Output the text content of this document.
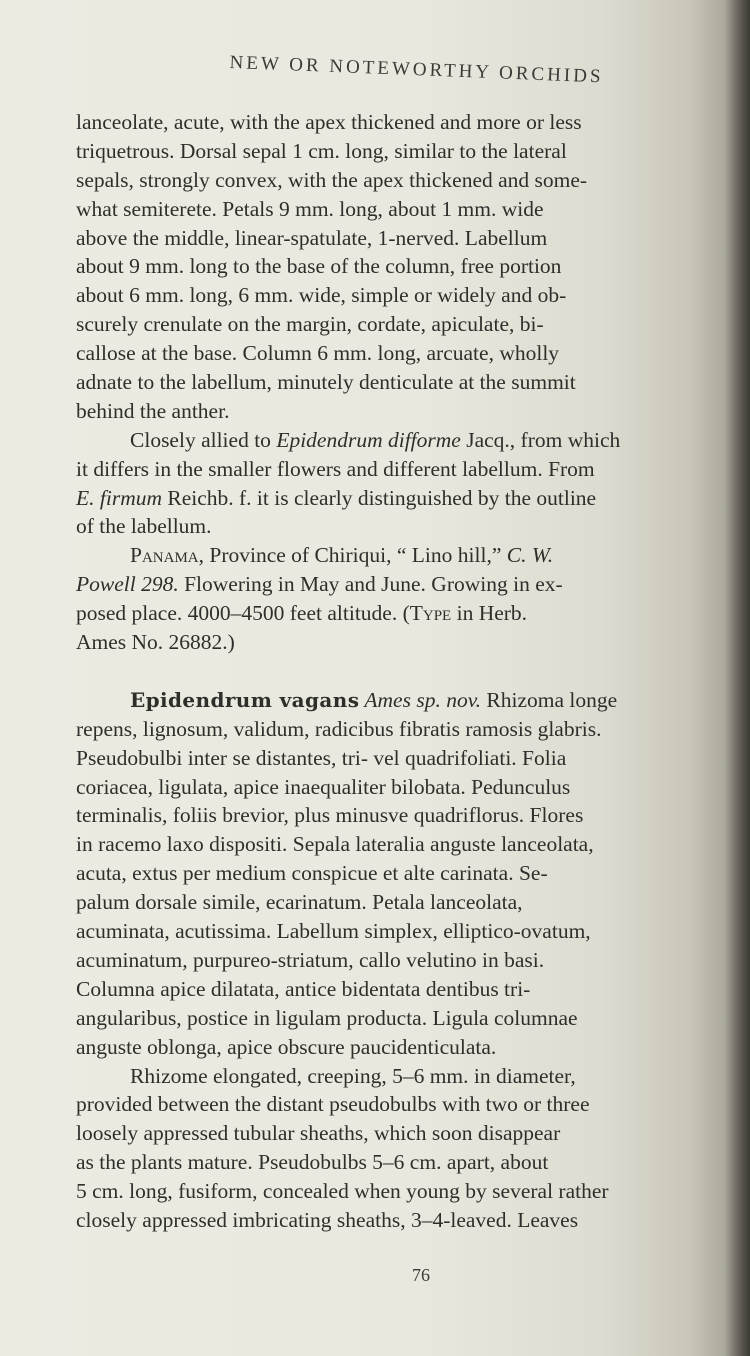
NEW OR NOTEWORTHY ORCHIDS
lanceolate, acute, with the apex thickened and more or less
triquetrous. Dorsal sepal 1 cm. long, similar to the lateral
sepals, strongly convex, with the apex thickened and some-
what semiterete. Petals 9 mm. long, about 1 mm. wide
above the middle, linear-spatulate, 1-nerved. Labellum
about 9 mm. long to the base of the column, free portion
about 6 mm. long, 6 mm. wide, simple or widely and ob-
scurely crenulate on the margin, cordate, apiculate, bi-
callose at the base. Column 6 mm. long, arcuate, wholly
adnate to the labellum, minutely denticulate at the summit
behind the anther.
Closely allied to Epidendrum difforme Jacq., from which
it differs in the smaller flowers and different labellum. From
E. firmum Reichb. f. it is clearly distinguished by the outline
of the labellum.
Panama, Province of Chiriqui, “ Lino hill,” C. W.
Powell 298. Flowering in May and June. Growing in ex-
posed place. 4000–4500 feet altitude. (Type in Herb.
Ames No. 26882.)
Epidendrum vagans Ames sp. nov. Rhizoma longe
repens, lignosum, validum, radicibus fibratis ramosis glabris.
Pseudobulbi inter se distantes, tri- vel quadrifoliati. Folia
coriacea, ligulata, apice inaequaliter bilobata. Pedunculus
terminalis, foliis brevior, plus minusve quadriflorus. Flores
in racemo laxo dispositi. Sepala lateralia anguste lanceolata,
acuta, extus per medium conspicue et alte carinata. Se-
palum dorsale simile, ecarinatum. Petala lanceolata,
acuminata, acutissima. Labellum simplex, elliptico-ovatum,
acuminatum, purpureo-striatum, callo velutino in basi.
Columna apice dilatata, antice bidentata dentibus tri-
angularibus, postice in ligulam producta. Ligula columnae
anguste oblonga, apice obscure paucidenticulata.
Rhizome elongated, creeping, 5–6 mm. in diameter,
provided between the distant pseudobulbs with two or three
loosely appressed tubular sheaths, which soon disappear
as the plants mature. Pseudobulbs 5–6 cm. apart, about
5 cm. long, fusiform, concealed when young by several rather
closely appressed imbricating sheaths, 3–4-leaved. Leaves
76
